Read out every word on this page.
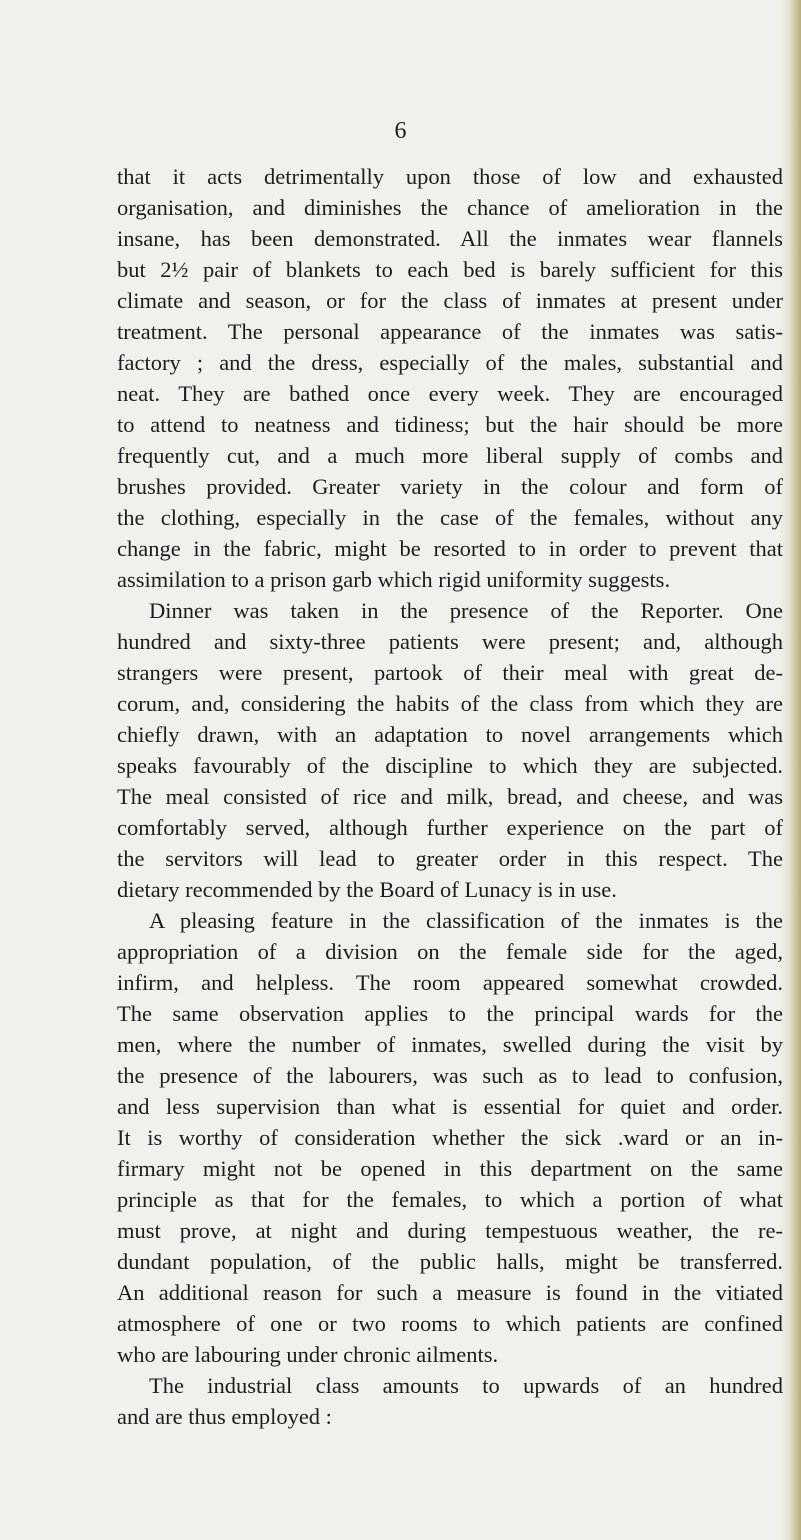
6
that it acts detrimentally upon those of low and exhausted
organisation, and diminishes the chance of amelioration in the
insane, has been demonstrated. All the inmates wear flannels
but 2½ pair of blankets to each bed is barely sufficient for this
climate and season, or for the class of inmates at present under
treatment. The personal appearance of the inmates was satis-
factory ; and the dress, especially of the males, substantial and
neat. They are bathed once every week. They are encouraged
to attend to neatness and tidiness; but the hair should be more
frequently cut, and a much more liberal supply of combs and
brushes provided. Greater variety in the colour and form of
the clothing, especially in the case of the females, without any
change in the fabric, might be resorted to in order to prevent that
assimilation to a prison garb which rigid uniformity suggests.
Dinner was taken in the presence of the Reporter. One
hundred and sixty-three patients were present; and, although
strangers were present, partook of their meal with great de-
corum, and, considering the habits of the class from which they are
chiefly drawn, with an adaptation to novel arrangements which
speaks favourably of the discipline to which they are subjected.
The meal consisted of rice and milk, bread, and cheese, and was
comfortably served, although further experience on the part of
the servitors will lead to greater order in this respect. The
dietary recommended by the Board of Lunacy is in use.
A pleasing feature in the classification of the inmates is the
appropriation of a division on the female side for the aged,
infirm, and helpless. The room appeared somewhat crowded.
The same observation applies to the principal wards for the
men, where the number of inmates, swelled during the visit by
the presence of the labourers, was such as to lead to confusion,
and less supervision than what is essential for quiet and order.
It is worthy of consideration whether the sick .ward or an in-
firmary might not be opened in this department on the same
principle as that for the females, to which a portion of what
must prove, at night and during tempestuous weather, the re-
dundant population, of the public halls, might be transferred.
An additional reason for such a measure is found in the vitiated
atmosphere of one or two rooms to which patients are confined
who are labouring under chronic ailments.
The industrial class amounts to upwards of an hundred
and are thus employed :
